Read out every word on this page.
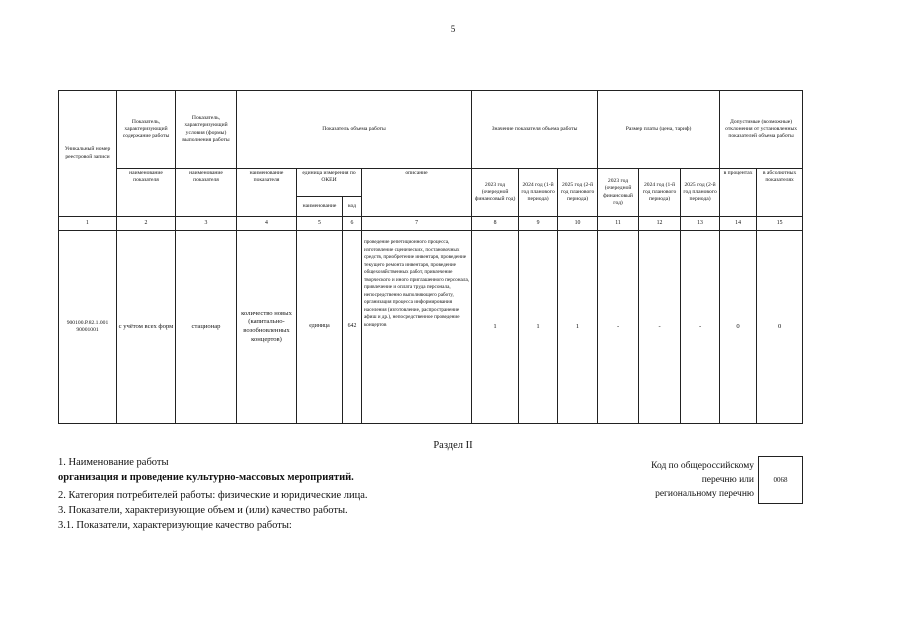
5
Уникальный номер реестровой записи	Показатель, характеризующий содержание работы	Показатель, характеризующий условия (формы) выполнения работы	Показатель объема работы				Значение показателя объема работы			Размер платы (цена, тариф)			Допустимые (возможные) отклонения от установленных показателей объема работы	
	наименование показателя	наименование показателя	наименование показателя	единица измерения по ОКЕИ		описание	2023 год (очередной финансовый год)	2024 год (1-й год планового периода)	2025 год (2-й год планового периода)	2023 год (очередной финансовый год)	2024 год (1-й год планового периода)	2025 год (2-й год планового периода)	в процентах	в абсолютных показателях
				наименование	код									
1	2	3	4	5	6	7	8	9	10	11	12	13	14	15
900100.Р.82.1.001 90001001	с учётом всех форм	стационар	количество новых (капитально-возобновленных концертов)	единица	642	проведение репетиционного процесса, изготовление сценических, постановочных средств, приобретение инвентаря, проведение текущего ремонта инвентаря, проведение общехозяйственных работ, привлечение творческого и иного приглашенного персонала, привлечение и оплата труда персонала, непосредственно выполняющего работу, организация процесса информирования населения (изготовление, распространение афиш и др.), непосредственное проведение концертов	1	1	1	-	-	-	0	0
Раздел II
1. Наименование работы
организация и проведение культурно-массовых мероприятий.
2. Категория потребителей работы: физические и юридические лица.
3. Показатели, характеризующие объем и (или) качество работы.
3.1. Показатели, характеризующие качество работы:
Код по общероссийскому
перечню или
региональному перечню
0068
